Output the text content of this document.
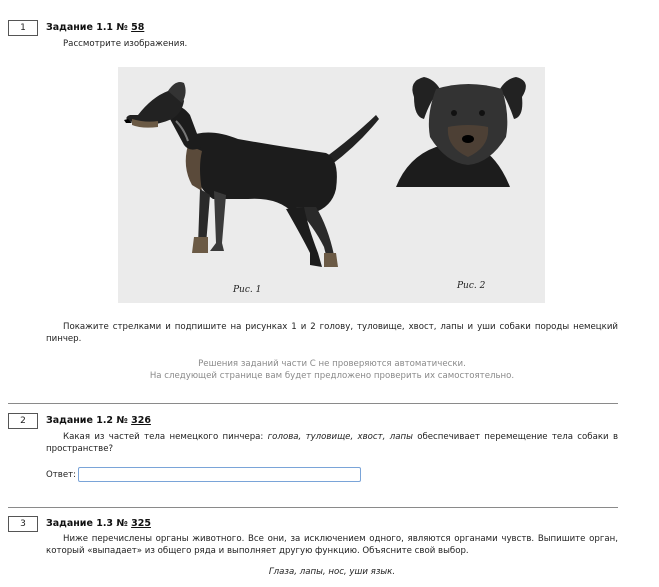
1	Задание 1.1 № 58
Рассмотрите изображения.
Рис. 1	Рис. 2
Покажите стрелками и подпишите на рисунках 1 и 2 голову, туловище, хвост, лапы и уши собаки породы немецкий пинчер.
Решения заданий части С не проверяются автоматически.
На следующей странице вам будет предложено проверить их самостоятельно.
2	Задание 1.2 № 326
Какая из частей тела немецкого пинчера: голова, туловище, хвост, лапы обеспечивает перемещение тела собаки в пространстве?
Ответ:
3	Задание 1.3 № 325
Ниже перечислены органы животного. Все они, за исключением одного, являются органами чувств. Выпишите орган, который «выпадает» из общего ряда и выполняет другую функцию. Объясните свой выбор.
Глаза, лапы, нос, уши язык.
